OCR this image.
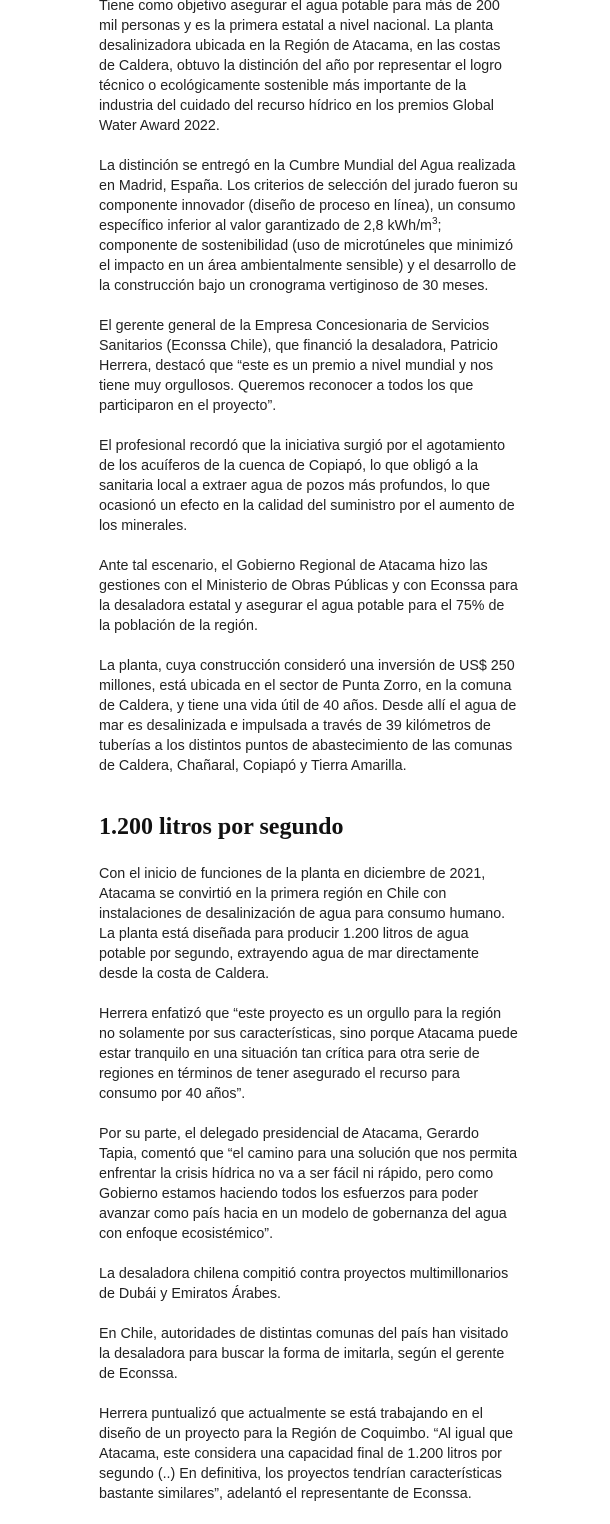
Tiene como objetivo asegurar el agua potable para más de 200 mil personas y es la primera estatal a nivel nacional. La planta desalinizadora ubicada en la Región de Atacama, en las costas de Caldera, obtuvo la distinción del año por representar el logro técnico o ecológicamente sostenible más importante de la industria del cuidado del recurso hídrico en los premios Global Water Award 2022.

La distinción se entregó en la Cumbre Mundial del Agua realizada en Madrid, España. Los criterios de selección del jurado fueron su componente innovador (diseño de proceso en línea), un consumo específico inferior al valor garantizado de 2,8 kWh/$m^3$; componente de sostenibilidad (uso de microtúneles que minimizó el impacto en un área ambientalmente sensible) y el desarrollo de la construcción bajo un cronograma vertiginoso de 30 meses.

El gerente general de la Empresa Concesionaria de Servicios Sanitarios (Econssa Chile), que financió la desaladora, Patricio Herrera, destacó que “este es un premio a nivel mundial y nos tiene muy orgullosos. Queremos reconocer a todos los que participaron en el proyecto”.

El profesional recordó que la iniciativa surgió por el agotamiento de los acuíferos de la cuenca de Copiapó, lo que obligó a la sanitaria local a extraer agua de pozos más profundos, lo que ocasionó un efecto en la calidad del suministro por el aumento de los minerales.

Ante tal escenario, el Gobierno Regional de Atacama hizo las gestiones con el Ministerio de Obras Públicas y con Econssa para la desaladora estatal y asegurar el agua potable para el 75% de la población de la región.

La planta, cuya construcción consideró una inversión de US$ 250 millones, está ubicada en el sector de Punta Zorro, en la comuna de Caldera, y tiene una vida útil de 40 años. Desde allí el agua de mar es desalinizada e impulsada a través de 39 kilómetros de tuberías a los distintos puntos de abastecimiento de las comunas de Caldera, Chañaral, Copiapó y Tierra Amarilla.

1.200 litros por segundo

Con el inicio de funciones de la planta en diciembre de 2021, Atacama se convirtió en la primera región en Chile con instalaciones de desalinización de agua para consumo humano. La planta está diseñada para producir 1.200 litros de agua potable por segundo, extrayendo agua de mar directamente desde la costa de Caldera.

Herrera enfatizó que “este proyecto es un orgullo para la región no solamente por sus características, sino porque Atacama puede estar tranquilo en una situación tan crítica para otra serie de regiones en términos de tener asegurado el recurso para consumo por 40 años”.

Por su parte, el delegado presidencial de Atacama, Gerardo Tapia, comentó que “el camino para una solución que nos permita enfrentar la crisis hídrica no va a ser fácil ni rápido, pero como Gobierno estamos haciendo todos los esfuerzos para poder avanzar como país hacia en un modelo de gobernanza del agua con enfoque ecosistémico”.

La desaladora chilena compitió contra proyectos multimillonarios de Dubái y Emiratos Árabes.

En Chile, autoridades de distintas comunas del país han visitado la desaladora para buscar la forma de imitarla, según el gerente de Econssa.

Herrera puntualizó que actualmente se está trabajando en el diseño de un proyecto para la Región de Coquimbo. “Al igual que Atacama, este considera una capacidad final de 1.200 litros por segundo (..) En definitiva, los proyectos tendrían características bastante similares”, adelantó el representante de Econssa.
